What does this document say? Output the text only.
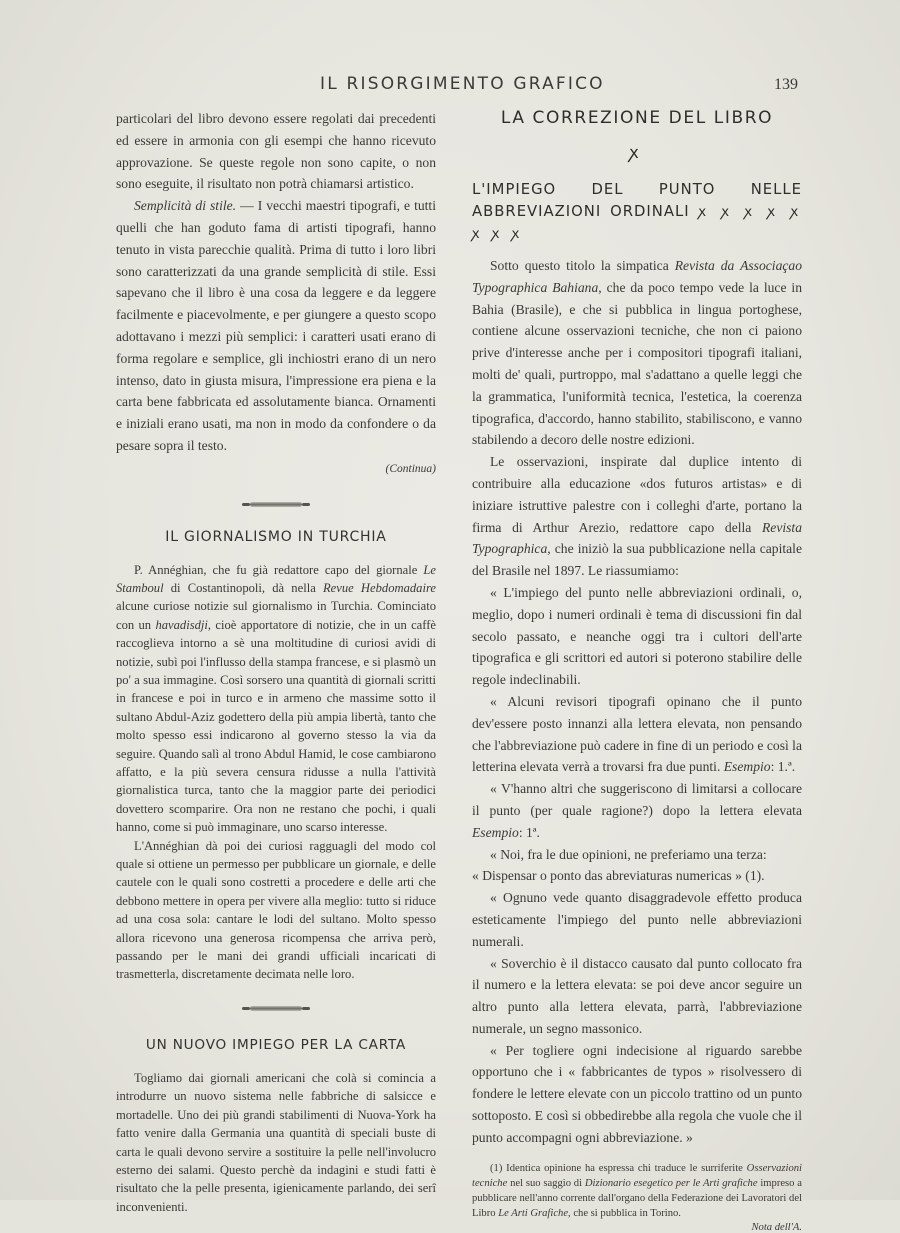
IL RISORGIMENTO GRAFICO	139

particolari del libro devono essere regolati dai precedenti ed essere in armonia con gli esempi che hanno ricevuto approvazione. Se queste regole non sono capite, o non sono eseguite, il risultato non potrà chiamarsi artistico.

Semplicità di stile. — I vecchi maestri tipografi, e tutti quelli che han goduto fama di artisti tipografi, hanno tenuto in vista parecchie qualità. Prima di tutto i loro libri sono caratterizzati da una grande semplicità di stile. Essi sapevano che il libro è una cosa da leggere e da leggere facilmente e piacevolmente, e per giungere a questo scopo adottavano i mezzi più semplici: i caratteri usati erano di forma regolare e semplice, gli inchiostri erano di un nero intenso, dato in giusta misura, l'impressione era piena e la carta bene fabbricata ed assolutamente bianca. Ornamenti e iniziali erano usati, ma non in modo da confondere o da pesare sopra il testo.

(Continua)

IL GIORNALISMO IN TURCHIA

P. Annéghian, che fu già redattore capo del giornale Le Stamboul di Costantinopoli, dà nella Revue Hebdomadaire alcune curiose notizie sul giornalismo in Turchia. Cominciato con un havadisdji, cioè apportatore di notizie, che in un caffè raccoglieva intorno a sè una moltitudine di curiosi avidi di notizie, subì poi l'influsso della stampa francese, e si plasmò un po' a sua immagine. Così sorsero una quantità di giornali scritti in francese e poi in turco e in armeno che massime sotto il sultano Abdul-Aziz godettero della più ampia libertà, tanto che molto spesso essi indicarono al governo stesso la via da seguire. Quando salì al trono Abdul Hamid, le cose cambiarono affatto, e la più severa censura ridusse a nulla l'attività giornalistica turca, tanto che la maggior parte dei periodici dovettero scomparire. Ora non ne restano che pochi, i quali hanno, come si può immaginare, uno scarso interesse.

L'Annéghian dà poi dei curiosi ragguagli del modo col quale si ottiene un permesso per pubblicare un giornale, e delle cautele con le quali sono costretti a procedere e delle arti che debbono mettere in opera per vivere alla meglio: tutto si riduce ad una cosa sola: cantare le lodi del sultano. Molto spesso allora ricevono una generosa ricompensa che arriva però, passando per le mani dei grandi ufficiali incaricati di trasmetterla, discretamente decimata nelle loro.

UN NUOVO IMPIEGO PER LA CARTA

Togliamo dai giornali americani che colà si comincia a introdurre un nuovo sistema nelle fabbriche di salsicce e mortadelle. Uno dei più grandi stabilimenti di Nuova-York ha fatto venire dalla Germania una quantità di speciali buste di carta le quali devono servire a sostituire la pelle nell'involucro esterno dei salami. Questo perchè da indagini e studi fatti è risultato che la pelle presenta, igienicamente parlando, dei serî inconvenienti.

LA CORREZIONE DEL LIBRO
ꭗ
L'IMPIEGO DEL PUNTO NELLE ABBREVIAZIONI ORDINALI ꭗ ꭗ ꭗ ꭗ ꭗ ꭗ ꭗ ꭗ

Sotto questo titolo la simpatica Revista da Associaçao Typographica Bahiana, che da poco tempo vede la luce in Bahia (Brasile), e che si pubblica in lingua portoghese, contiene alcune osservazioni tecniche, che non ci paiono prive d'interesse anche per i compositori tipografi italiani, molti de' quali, purtroppo, mal s'adattano a quelle leggi che la grammatica, l'uniformità tecnica, l'estetica, la coerenza tipografica, d'accordo, hanno stabilito, stabiliscono, e vanno stabilendo a decoro delle nostre edizioni.

Le osservazioni, inspirate dal duplice intento di contribuire alla educazione «dos futuros artistas» e di iniziare istruttive palestre con i colleghi d'arte, portano la firma di Arthur Arezio, redattore capo della Revista Typographica, che iniziò la sua pubblicazione nella capitale del Brasile nel 1897. Le riassumiamo:

« L'impiego del punto nelle abbreviazioni ordinali, o, meglio, dopo i numeri ordinali è tema di discussioni fin dal secolo passato, e neanche oggi tra i cultori dell'arte tipografica e gli scrittori ed autori si poterono stabilire delle regole indeclinabili.

« Alcuni revisori tipografi opinano che il punto dev'essere posto innanzi alla lettera elevata, non pensando che l'abbreviazione può cadere in fine di un periodo e così la letterina elevata verrà a trovarsi fra due punti. Esempio: 1.ª.

« V'hanno altri che suggeriscono di limitarsi a collocare il punto (per quale ragione?) dopo la lettera elevata Esempio: 1ª.

« Noi, fra le due opinioni, ne preferiamo una terza:

« Dispensar o ponto das abreviaturas numericas » (1).

« Ognuno vede quanto disaggradevole effetto produca esteticamente l'impiego del punto nelle abbreviazioni numerali.

« Soverchio è il distacco causato dal punto collocato fra il numero e la lettera elevata: se poi deve ancor seguire un altro punto alla lettera elevata, parrà, l'abbreviazione numerale, un segno massonico.

« Per togliere ogni indecisione al riguardo sarebbe opportuno che i « fabbricantes de typos » risolvessero di fondere le lettere elevate con un piccolo trattino od un punto sottoposto. E così si obbedirebbe alla regola che vuole che il punto accompagni ogni abbreviazione. »

(1) Identica opinione ha espressa chi traduce le surriferite Osservazioni tecniche nel suo saggio di Dizionario esegetico per le Arti grafiche impreso a pubblicare nell'anno corrente dall'organo della Federazione dei Lavoratori del Libro Le Arti Grafiche, che si pubblica in Torino.

Nota dell'A.
